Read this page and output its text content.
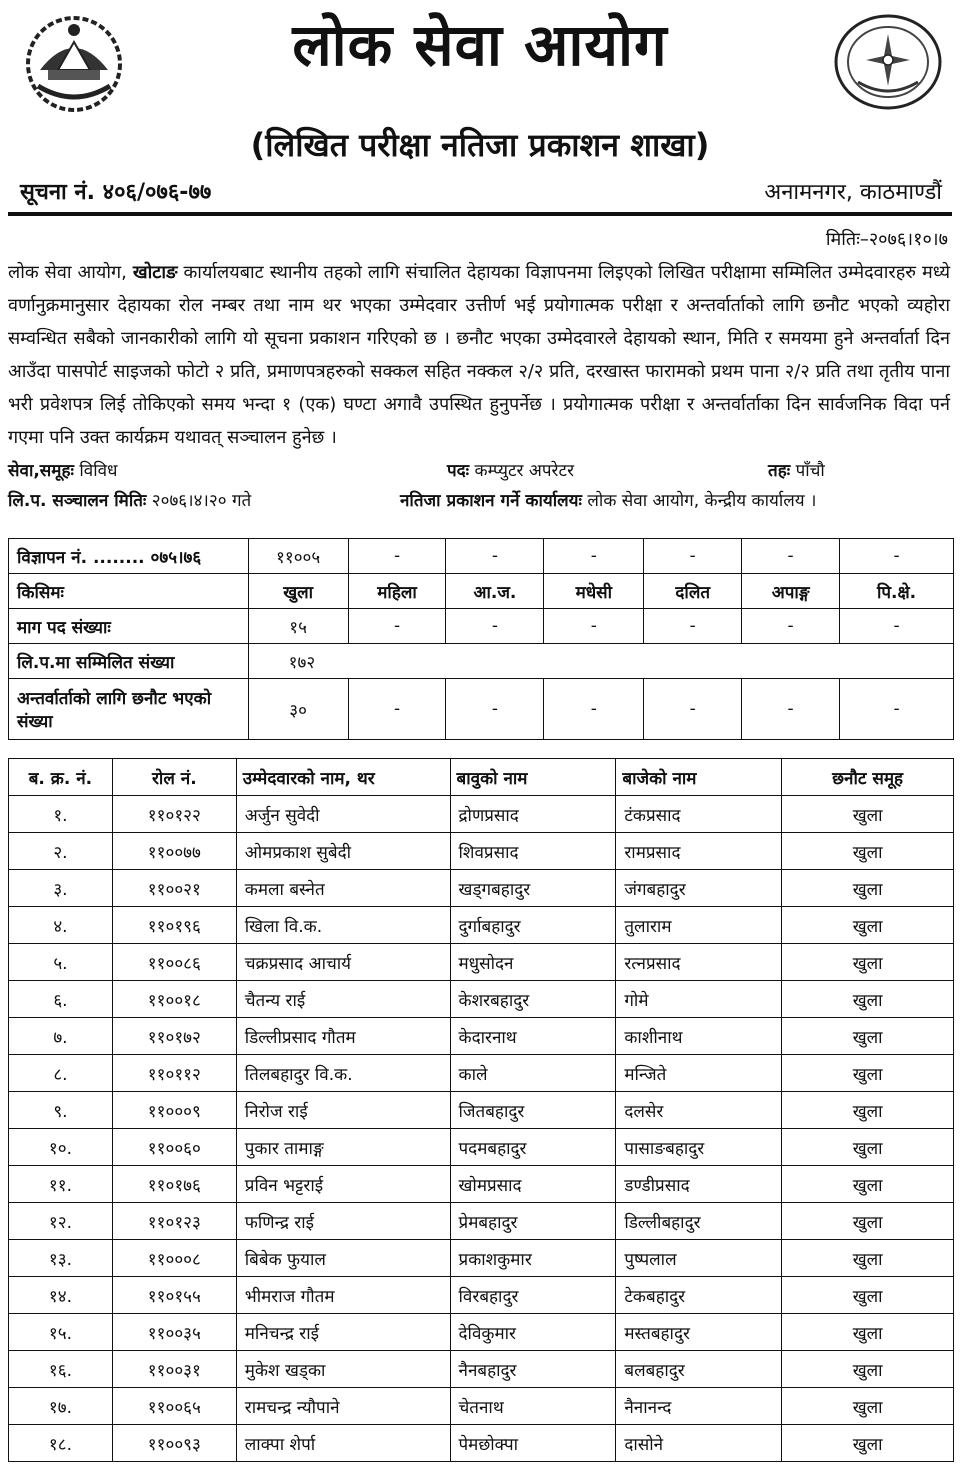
लोक सेवा आयोग
(लिखित परीक्षा नतिजा प्रकाशन शाखा)
सूचना नं. ४०६/०७६-७७	अनामनगर, काठमाण्डौं
मितिः–२०७६।१०।७
लोक सेवा आयोग, खोटाङ कार्यालयबाट स्थानीय तहको लागि संचालित देहायका विज्ञापनमा लिइएको लिखित परीक्षामा सम्मिलित उम्मेदवारहरु मध्ये वर्णानुक्रमानुसार देहायका रोल नम्बर तथा नाम थर भएका उम्मेदवार उत्तीर्ण भई प्रयोगात्मक परीक्षा र अन्तर्वार्ताको लागि छनौट भएको व्यहोरा सम्वन्धित सबैको जानकारीको लागि यो सूचना प्रकाशन गरिएको छ । छनौट भएका उम्मेदवारले देहायको स्थान, मिति र समयमा हुने अन्तर्वार्ता दिन आउँदा पासपोर्ट साइजको फोटो २ प्रति, प्रमाणपत्रहरुको सक्कल सहित नक्कल २/२ प्रति, दरखास्त फारामको प्रथम पाना २/२ प्रति तथा तृतीय पाना भरी प्रवेशपत्र लिई तोकिएको समय भन्दा १ (एक) घण्टा अगावै उपस्थित हुनुपर्नेछ । प्रयोगात्मक परीक्षा र अन्तर्वार्ताका दिन सार्वजनिक विदा पर्न गएमा पनि उक्त कार्यक्रम यथावत् सञ्चालन हुनेछ ।
सेवा,समूहः विविध	पदः कम्प्युटर अपरेटर	तहः पाँचौ
लि.प. सञ्चालन मितिः २०७६।४।२० गते	नतिजा प्रकाशन गर्ने कार्यालयः लोक सेवा आयोग, केन्द्रीय कार्यालय ।
विज्ञापन नं. ........ ०७५।७६	११००५	-	-	-	-	-	-
किसिमः	खुला	महिला	आ.ज.	मधेसी	दलित	अपाङ्ग	पि.क्षे.
माग पद संख्याः	१५	-	-	-	-	-	-
लि.प.मा सम्मिलित संख्या	१७२						
अन्तर्वार्ताको लागि छनौट भएको संख्या	३०	-	-	-	-	-	-
ब. क्र. नं.	रोल नं.	उम्मेदवारको नाम, थर	बावुको नाम	बाजेको नाम	छनौट समूह
१.	११०१२२	अर्जुन सुवेदी	द्रोणप्रसाद	टंकप्रसाद	खुला
२.	११००७७	ओमप्रकाश सुबेदी	शिवप्रसाद	रामप्रसाद	खुला
३.	११००२१	कमला बस्नेत	खड्गबहादुर	जंगबहादुर	खुला
४.	११०१९६	खिला वि.क.	दुर्गाबहादुर	तुलाराम	खुला
५.	११००८६	चक्रप्रसाद आचार्य	मधुसोदन	रत्नप्रसाद	खुला
६.	११००१८	चैतन्य राई	केशरबहादुर	गोमे	खुला
७.	११०१७२	डिल्लीप्रसाद गौतम	केदारनाथ	काशीनाथ	खुला
८.	११०११२	तिलबहादुर वि.क.	काले	मन्जिते	खुला
९.	११०००९	निरोज राई	जितबहादुर	दलसेर	खुला
१०.	११००६०	पुकार तामाङ्ग	पदमबहादुर	पासाङबहादुर	खुला
११.	११०१७६	प्रविन भट्टराई	खोमप्रसाद	डण्डीप्रसाद	खुला
१२.	११०१२३	फणिन्द्र राई	प्रेमबहादुर	डिल्लीबहादुर	खुला
१३.	११०००८	बिबेक फुयाल	प्रकाशकुमार	पुष्पलाल	खुला
१४.	११०१५५	भीमराज गौतम	विरबहादुर	टेकबहादुर	खुला
१५.	११००३५	मनिचन्द्र राई	देविकुमार	मस्तबहादुर	खुला
१६.	११००३१	मुकेश खड्का	नैनबहादुर	बलबहादुर	खुला
१७.	११००६५	रामचन्द्र न्यौपाने	चेतनाथ	नैनानन्द	खुला
१८.	११००९३	लाक्पा शेर्पा	पेमछोक्पा	दासोने	खुला
